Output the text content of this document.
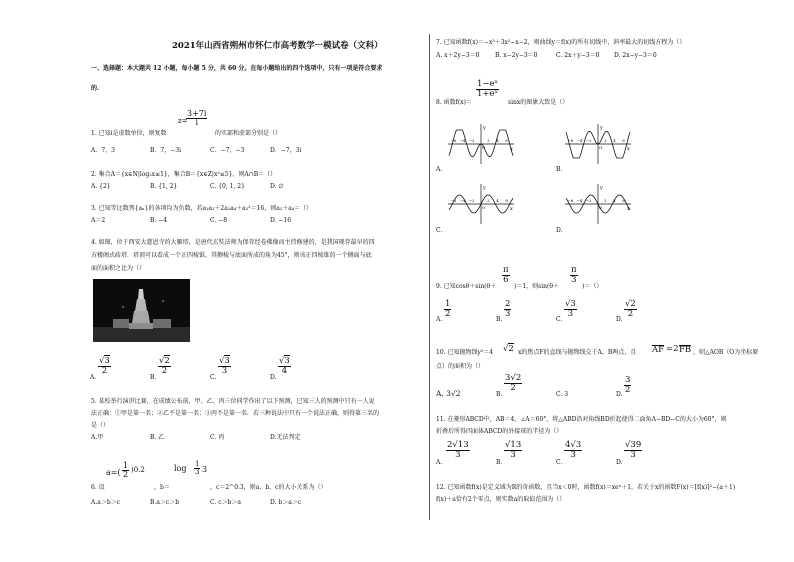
2021年山西省朔州市怀仁市高考数学一模试卷（文科）
一、选择题：本大题共 12 小题，每小题 5 分，共 60 分。在每小题给出的四个选项中，只有一项是符合要求
的.
z=
3+7i
i
1. 已知i是虚数单位，则复数	的实部和虚部分别是（）
A．7，3	B．7，−3i	C．−7，−3	D．−7，3i
2. 集合A＝{x∈N|log₂x≤1}，集合B＝{x∈Z|x²≤5}，则A∩B＝（）
A. {2}	B. {1, 2}	C. {0, 1, 2}	D. ∅
3. 已知等比数列{aₙ}的各项均为负数，若a₁a₃＋2a₂a₄＋a₃²＝16，则a₂＋a₄＝（）
A＝2	B. −4	C. −8	D. −16
4. 如图，位于西安大慈恩寺的大雁塔，是唐代玄奘法师为保存经卷佛像而主持修建的，是我国现存最早的四
方楼阁式砖塔．塔顶可以看成一个正四棱锥，其侧棱与底面所成的角为45°，则该正四棱锥的一个侧面与底
面的面积之比为（）
A.
√3
2
B.
√2
2
C.
√3
3
D.
√3
4
5. 某校举行演讲比赛，在成绩公布前，甲、乙、丙三位同学作出了以下预测，已知三人的预测中只有一人说
法正确：①甲是第一名；②乙不是第一名；③丙不是第一名．若三种说法中只有一个说法正确，则得第三名的
是（）
A.甲	B. 乙	C. 丙	D.无法判定
6. 设
a=(
1
2 )0.2
，b＝
log 1
3 3
，c＝2^0.3，则a、b、c的大小关系为（）
A.a＞b＞c	B.a＞c＞b	C. c＞b＞a	D. b＞a＞c
7. 已知函数f(x)＝−x³＋3x²−x−2，则曲线y＝f(x)的所有切线中，斜率最大的切线方程为（）
A. x＋2y−3＝0	B. x−2y−3＝0	C. 2x＋y−3＝0 D. 2x−y−3＝0
1−eˣ
1+eˣ
8. 函数f(x)＝	sinx的图象大致是（）
y
x
−6 −4 −2	2 4 6
O
A.
y
x
−6 −4 −2	2 4 6
O
B.
y
x
−6 −4 −2	2 4 6
O
C.
y
x
−6 −4 −2	2 4 6
O
D.
9. 已知cosθ＋sin(θ＋
π
6
)＝1，则sin(θ＋
π
3
)＝（）
A.
1
2
B.
2
3
C.
√3
3
D.
√2
2
10. 已知抛物线y²＝4 √2 x的焦点F的直线与抛物线交于A，B两点，且 AF =2 FB ，则△AOB（O为坐标原
点）的面积为（）
A. 3√2	B.
3√2
2
C. 3	D.
3
2
11. 在菱形ABCD中，AB＝4，∠A＝60°，将△ABD沿对角线BD折起使得二面角A−BD−C的大小为60°，则
折叠后所得四面体ABCD的外接球的半径为（）
A.
2√13
3
B.
√13
3
C.
4√3
3
D.
√39
3
12. 已知函数f(x)是定义域为R的奇函数，且当x＜0时，函数f(x)＝xeˣ＋1，若关于x的函数F(x)＝[f(x)]²−(a＋1)
f(x)＋a恰有2个零点，则实数a的取值范围为（）
